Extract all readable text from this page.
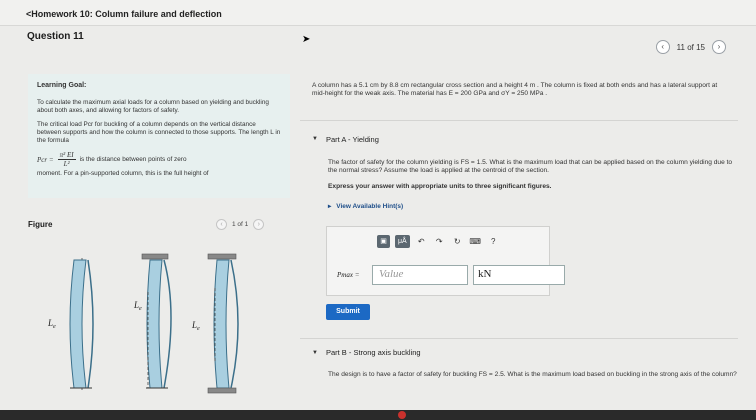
<Homework 10: Column failure and deflection
Question 11	➤
‹	11 of 15	›
Learning Goal:

To calculate the maximum axial loads for a column based on yielding and buckling about both axes, and allowing for factors of safety.

The critical load Pcr for buckling of a column depends on the vertical distance between supports and how the column is connected to those supports. The length L in the formula

Pcr = $\frac{\text{π² EI}}{\text{L²}}$ is the distance between points of zero

moment. For a pin-supported column, this is the full height of

Figure	‹	1 of 1	›
$L_e$
$L_e$
$L_e$
A column has a 5.1 cm by 8.8 cm rectangular cross section and a height 4 m . The column is fixed at both ends and has a lateral support at mid-height for the weak axis. The material has E = 200 GPa and σY = 250 MPa .
▼ Part A - Yielding
The factor of safety for the column yielding is FS = 1.5. What is the maximum load that can be applied based on the column yielding due to the normal stress? Assume the load is applied at the centroid of the section.
Express your answer with appropriate units to three significant figures.
▸ View Available Hint(s)
▣	μÅ	↶	↷	↻	⌨	?
Pmax =	Value	kN
Submit
▼ Part B - Strong axis buckling
The design is to have a factor of safety for buckling FS = 2.5. What is the maximum load based on buckling in the strong axis of the column?
